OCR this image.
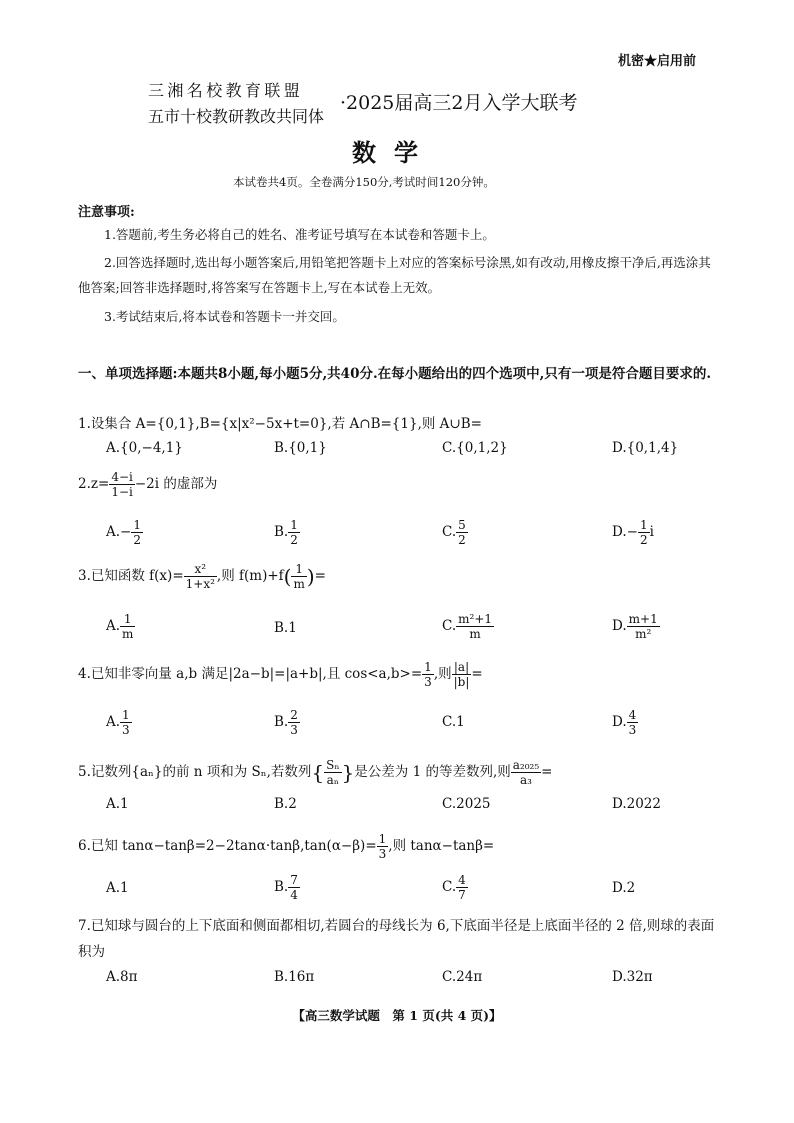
机密★启用前
三湘名校教育联盟
五市十校教研教改共同体
·2025届高三2月入学大联考
数学
本试卷共4页。全卷满分150分,考试时间120分钟。
注意事项:
1.答题前,考生务必将自己的姓名、准考证号填写在本试卷和答题卡上。
2.回答选择题时,选出每小题答案后,用铅笔把答题卡上对应的答案标号涂黑,如有改动,用橡皮擦干净后,再选涂其他答案;回答非选择题时,将答案写在答题卡上,写在本试卷上无效。
3.考试结束后,将本试卷和答题卡一并交回。
一、单项选择题:本题共8小题,每小题5分,共40分.在每小题给出的四个选项中,只有一项是符合题目要求的.
1.设集合 A={0,1},B={x|x²−5x+t=0},若 A∩B={1},则 A∪B=
A.{0,−4,1}	B.{0,1}	C.{0,1,2}	D.{0,1,4}
$2.z= \frac{4-i}{1-i} -2i$ 的虚部为
$A.- \frac{1}{2}$	B. $\frac{1}{2}$	C. $\frac{5}{2}$	$D.- \frac{1}{2}$ i
3.已知函数 $f(x)= \frac{\text{x²}}{\text{1+x²}}$ ,则 $f(m)+f( \frac{1}{m}$ )=
A. $\frac{1}{m}$	B.1	C. $\frac{\text{m²+1}}{m}$	D. $\frac{m+1}{\text{m²}}$
4.已知非零向量 a,b 满足|2a−b|=|a+b|,且 $\cos<a,b>= \frac{1}{3}$ ,则 $\frac{|a|}{|b|}$ =
A. $\frac{1}{3}$	B. $\frac{2}{3}$	C.1	D. $\frac{4}{3}$
5.记数列{aₙ}的前 n 项和为 Sₙ,若数列{ $\frac{\text{Sₙ}}{\text{aₙ}}$ }是公差为 1 的等差数列,则 $\frac{\text{a₂₀₂₅}}{\text{a₃}}$ =
A.1	B.2	C.2025	D.2022
6.已知 $\tan\alpha-\tan\beta=2-2\tan\alpha\cdot\tan\beta,\tan(\alpha-\beta)= \frac{1}{3}$ ,则 tanα−tanβ=
A.1	B. $\frac{7}{4}$	C. $\frac{4}{7}$	D.2
7.已知球与圆台的上下底面和侧面都相切,若圆台的母线长为 6,下底面半径是上底面半径的 2 倍,则球的表面积为
A.8π	B.16π	C.24π	D.32π
【高三数学试题　第 1 页(共 4 页)】
